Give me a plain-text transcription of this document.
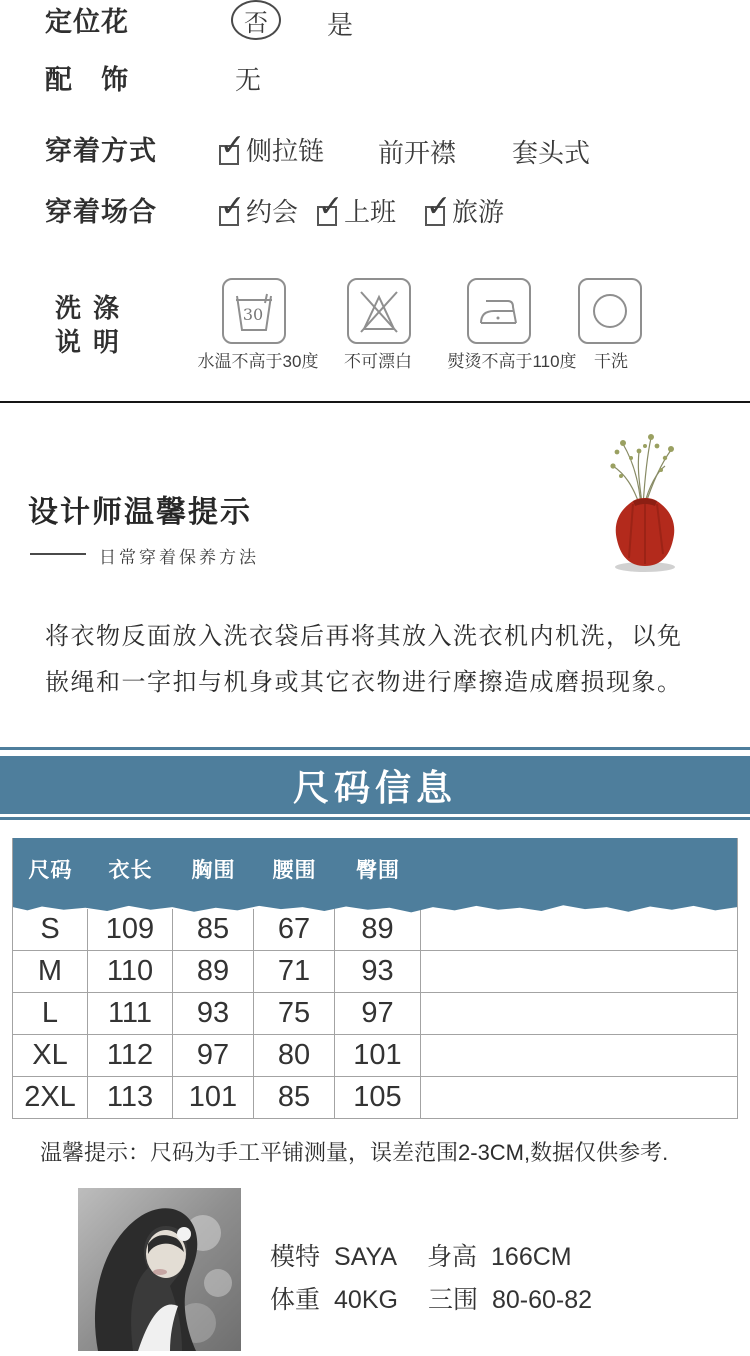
定位花	否 是
配饰	无
穿着方式 ✓ 侧拉链 前开襟 套头式
穿着场合 ✓ 约会 ✓ 上班 ✓ 旅游
洗涤
说明
30
水温不高于30度 不可漂白 熨烫不高于110度 干洗
设计师温馨提示
日常穿着保养方法
将衣物反面放入洗衣袋后再将其放入洗衣机内机洗，以免
嵌绳和一字扣与机身或其它衣物进行摩擦造成磨损现象。
尺码信息
尺码	衣长	胸围	腰围	臀围
S	109	85	67	89
M	110	89	71	93
L	111	93	75	97
XL	112	97	80	101
2XL	113	101	85	105
温馨提示：尺码为手工平铺测量，误差范围2-3CM,数据仅供参考.
模特 SAYA 身高 166CM
体重 40KG 三围 80-60-82
